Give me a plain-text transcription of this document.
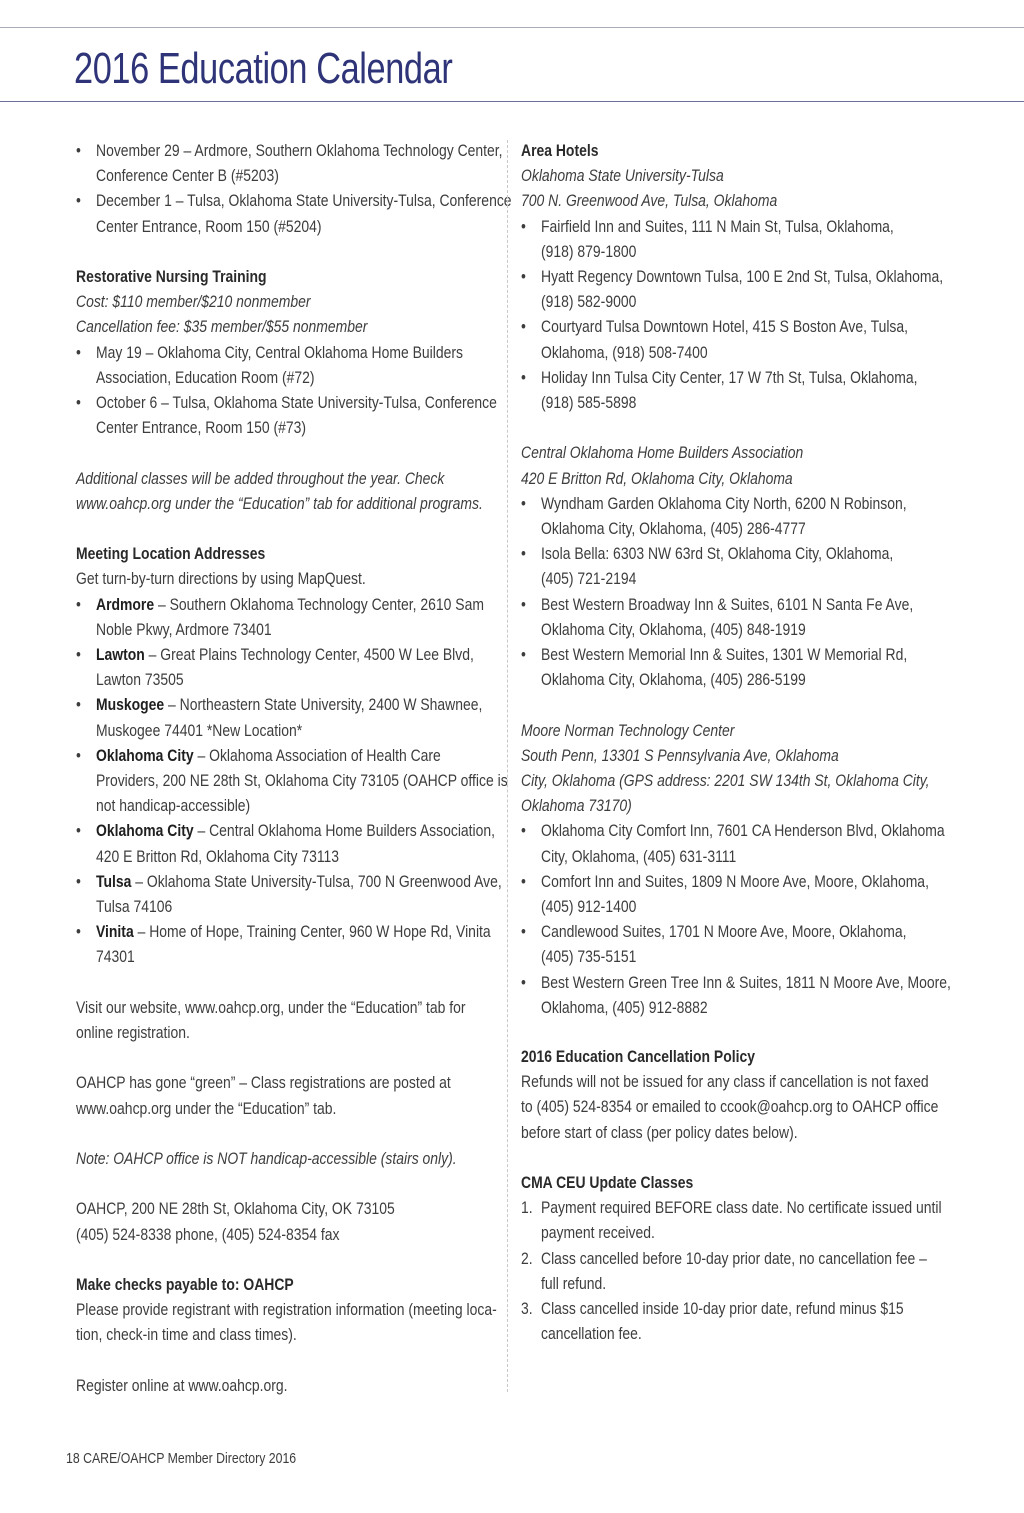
2016 Education Calendar
• November 29 – Ardmore, Southern Oklahoma Technology Center,
Conference Center B (#5203)
• December 1 – Tulsa, Oklahoma State University-Tulsa, Conference
Center Entrance, Room 150 (#5204)
Restorative Nursing Training
Cost: $110 member/$210 nonmember
Cancellation fee: $35 member/$55 nonmember
• May 19 – Oklahoma City, Central Oklahoma Home Builders
Association, Education Room (#72)
• October 6 – Tulsa, Oklahoma State University-Tulsa, Conference
Center Entrance, Room 150 (#73)
Additional classes will be added throughout the year. Check
www.oahcp.org under the “Education” tab for additional programs.
Meeting Location Addresses
Get turn-by-turn directions by using MapQuest.
• Ardmore – Southern Oklahoma Technology Center, 2610 Sam
Noble Pkwy, Ardmore 73401
• Lawton – Great Plains Technology Center, 4500 W Lee Blvd,
Lawton 73505
• Muskogee – Northeastern State University, 2400 W Shawnee,
Muskogee 74401 *New Location*
• Oklahoma City – Oklahoma Association of Health Care
Providers, 200 NE 28th St, Oklahoma City 73105 (OAHCP office is
not handicap-accessible)
• Oklahoma City – Central Oklahoma Home Builders Association,
420 E Britton Rd, Oklahoma City 73113
• Tulsa – Oklahoma State University-Tulsa, 700 N Greenwood Ave,
Tulsa 74106
• Vinita – Home of Hope, Training Center, 960 W Hope Rd, Vinita
74301
Visit our website, www.oahcp.org, under the “Education” tab for
online registration.
OAHCP has gone “green” – Class registrations are posted at
www.oahcp.org under the “Education” tab.
Note: OAHCP office is NOT handicap-accessible (stairs only).
OAHCP, 200 NE 28th St, Oklahoma City, OK 73105
(405) 524-8338 phone, (405) 524-8354 fax
Make checks payable to: OAHCP
Please provide registrant with registration information (meeting loca-
tion, check-in time and class times).
Register online at www.oahcp.org.
Area Hotels
Oklahoma State University-Tulsa
700 N. Greenwood Ave, Tulsa, Oklahoma
• Fairfield Inn and Suites, 111 N Main St, Tulsa, Oklahoma,
(918) 879-1800
• Hyatt Regency Downtown Tulsa, 100 E 2nd St, Tulsa, Oklahoma,
(918) 582-9000
• Courtyard Tulsa Downtown Hotel, 415 S Boston Ave, Tulsa,
Oklahoma, (918) 508-7400
• Holiday Inn Tulsa City Center, 17 W 7th St, Tulsa, Oklahoma,
(918) 585-5898
Central Oklahoma Home Builders Association
420 E Britton Rd, Oklahoma City, Oklahoma
• Wyndham Garden Oklahoma City North, 6200 N Robinson,
Oklahoma City, Oklahoma, (405) 286-4777
• Isola Bella: 6303 NW 63rd St, Oklahoma City, Oklahoma,
(405) 721-2194
• Best Western Broadway Inn & Suites, 6101 N Santa Fe Ave,
Oklahoma City, Oklahoma, (405) 848-1919
• Best Western Memorial Inn & Suites, 1301 W Memorial Rd,
Oklahoma City, Oklahoma, (405) 286-5199
Moore Norman Technology Center
South Penn, 13301 S Pennsylvania Ave, Oklahoma
City, Oklahoma (GPS address: 2201 SW 134th St, Oklahoma City,
Oklahoma 73170)
• Oklahoma City Comfort Inn, 7601 CA Henderson Blvd, Oklahoma
City, Oklahoma, (405) 631-3111
• Comfort Inn and Suites, 1809 N Moore Ave, Moore, Oklahoma,
(405) 912-1400
• Candlewood Suites, 1701 N Moore Ave, Moore, Oklahoma,
(405) 735-5151
• Best Western Green Tree Inn & Suites, 1811 N Moore Ave, Moore,
Oklahoma, (405) 912-8882
2016 Education Cancellation Policy
Refunds will not be issued for any class if cancellation is not faxed
to (405) 524-8354 or emailed to ccook@oahcp.org to OAHCP office
before start of class (per policy dates below).
CMA CEU Update Classes
1. Payment required BEFORE class date. No certificate issued until
payment received.
2. Class cancelled before 10-day prior date, no cancellation fee –
full refund.
3. Class cancelled inside 10-day prior date, refund minus $15
cancellation fee.
18 CARE/OAHCP Member Directory 2016
